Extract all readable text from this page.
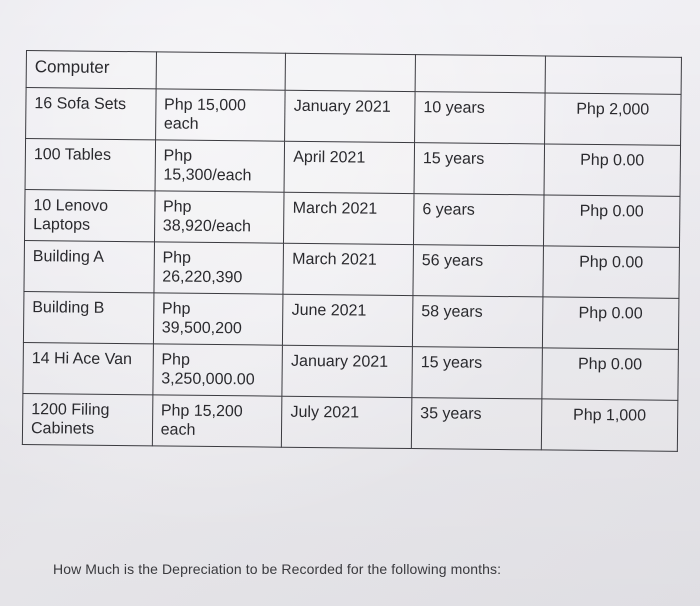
Computer				
16 Sofa Sets	Php 15,000 each	January 2021	10 years	Php 2,000
100 Tables	Php 15,300/each	April 2021	15 years	Php 0.00
10 Lenovo Laptops	Php 38,920/each	March 2021	6 years	Php 0.00
Building A	Php 26,220,390	March 2021	56 years	Php 0.00
Building B	Php 39,500,200	June 2021	58 years	Php 0.00
14 Hi Ace Van	Php 3,250,000.00	January 2021	15 years	Php 0.00
1200 Filing Cabinets	Php 15,200 each	July 2021	35 years	Php 1,000
How Much is the Depreciation to be Recorded for the following months:
